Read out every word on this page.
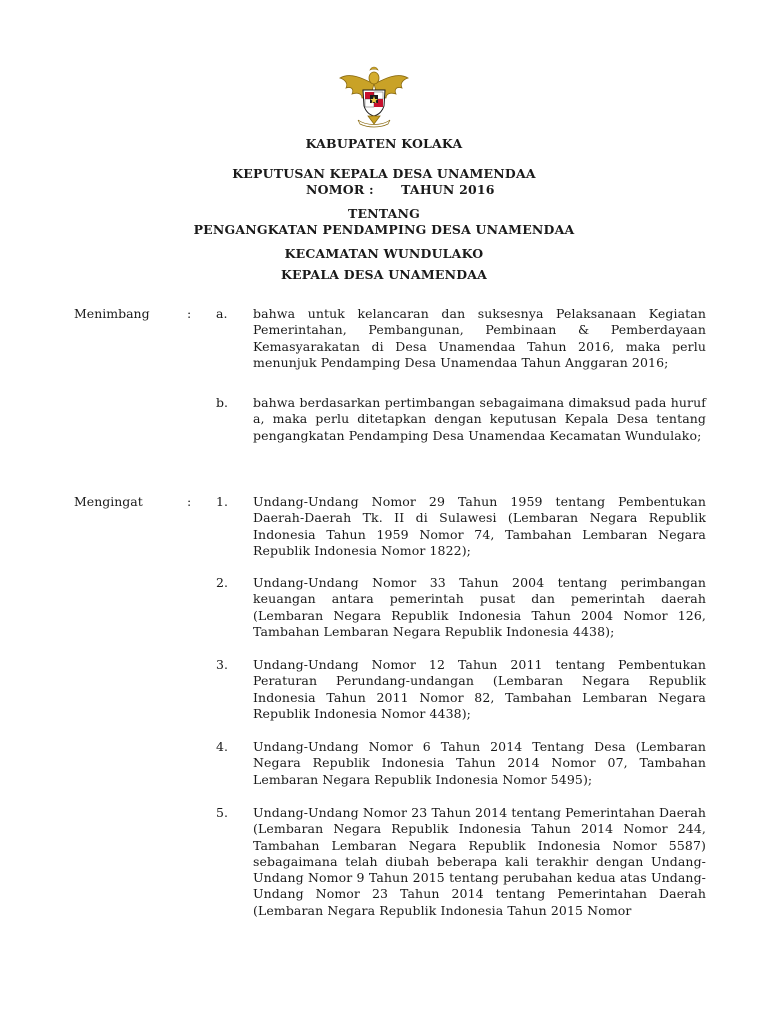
KABUPATEN KOLAKA
KEPUTUSAN KEPALA DESA UNAMENDAA
NOMOR :      TAHUN 2016
TENTANG
PENGANGKATAN PENDAMPING DESA UNAMENDAA
KECAMATAN WUNDULAKO
KEPALA DESA UNAMENDAA
Menimbang	: a. bahwa untuk kelancaran dan suksesnya Pelaksanaan Kegiatan Pemerintahan, Pembangunan, Pembinaan & Pemberdayaan Kemasyarakatan di Desa Unamendaa Tahun 2016, maka perlu menunjuk Pendamping Desa Unamendaa Tahun Anggaran 2016;
b. bahwa berdasarkan pertimbangan sebagaimana dimaksud pada huruf a, maka perlu ditetapkan dengan keputusan Kepala Desa tentang pengangkatan Pendamping Desa Unamendaa Kecamatan Wundulako;
Mengingat	: 1. Undang-Undang Nomor 29 Tahun 1959 tentang Pembentukan Daerah-Daerah Tk. II di Sulawesi (Lembaran Negara Republik Indonesia Tahun 1959 Nomor 74, Tambahan Lembaran Negara Republik Indonesia Nomor 1822);
2. Undang-Undang Nomor 33 Tahun 2004 tentang perimbangan keuangan antara pemerintah pusat dan pemerintah daerah (Lembaran Negara Republik Indonesia Tahun 2004 Nomor 126, Tambahan Lembaran Negara Republik Indonesia 4438);
3. Undang-Undang Nomor 12 Tahun 2011 tentang Pembentukan Peraturan Perundang-undangan (Lembaran Negara Republik Indonesia Tahun 2011 Nomor 82, Tambahan Lembaran Negara Republik Indonesia Nomor 4438);
4. Undang-Undang Nomor 6 Tahun 2014 Tentang Desa (Lembaran Negara Republik Indonesia Tahun 2014 Nomor 07, Tambahan Lembaran Negara Republik Indonesia Nomor 5495);
5. Undang-Undang Nomor 23 Tahun 2014 tentang Pemerintahan Daerah (Lembaran Negara Republik Indonesia Tahun 2014 Nomor 244, Tambahan Lembaran Negara Republik Indonesia Nomor 5587) sebagaimana telah diubah beberapa kali terakhir dengan Undang-Undang Nomor 9 Tahun 2015 tentang perubahan kedua atas Undang-Undang Nomor 23 Tahun 2014 tentang Pemerintahan Daerah (Lembaran Negara Republik Indonesia Tahun 2015 Nomor
